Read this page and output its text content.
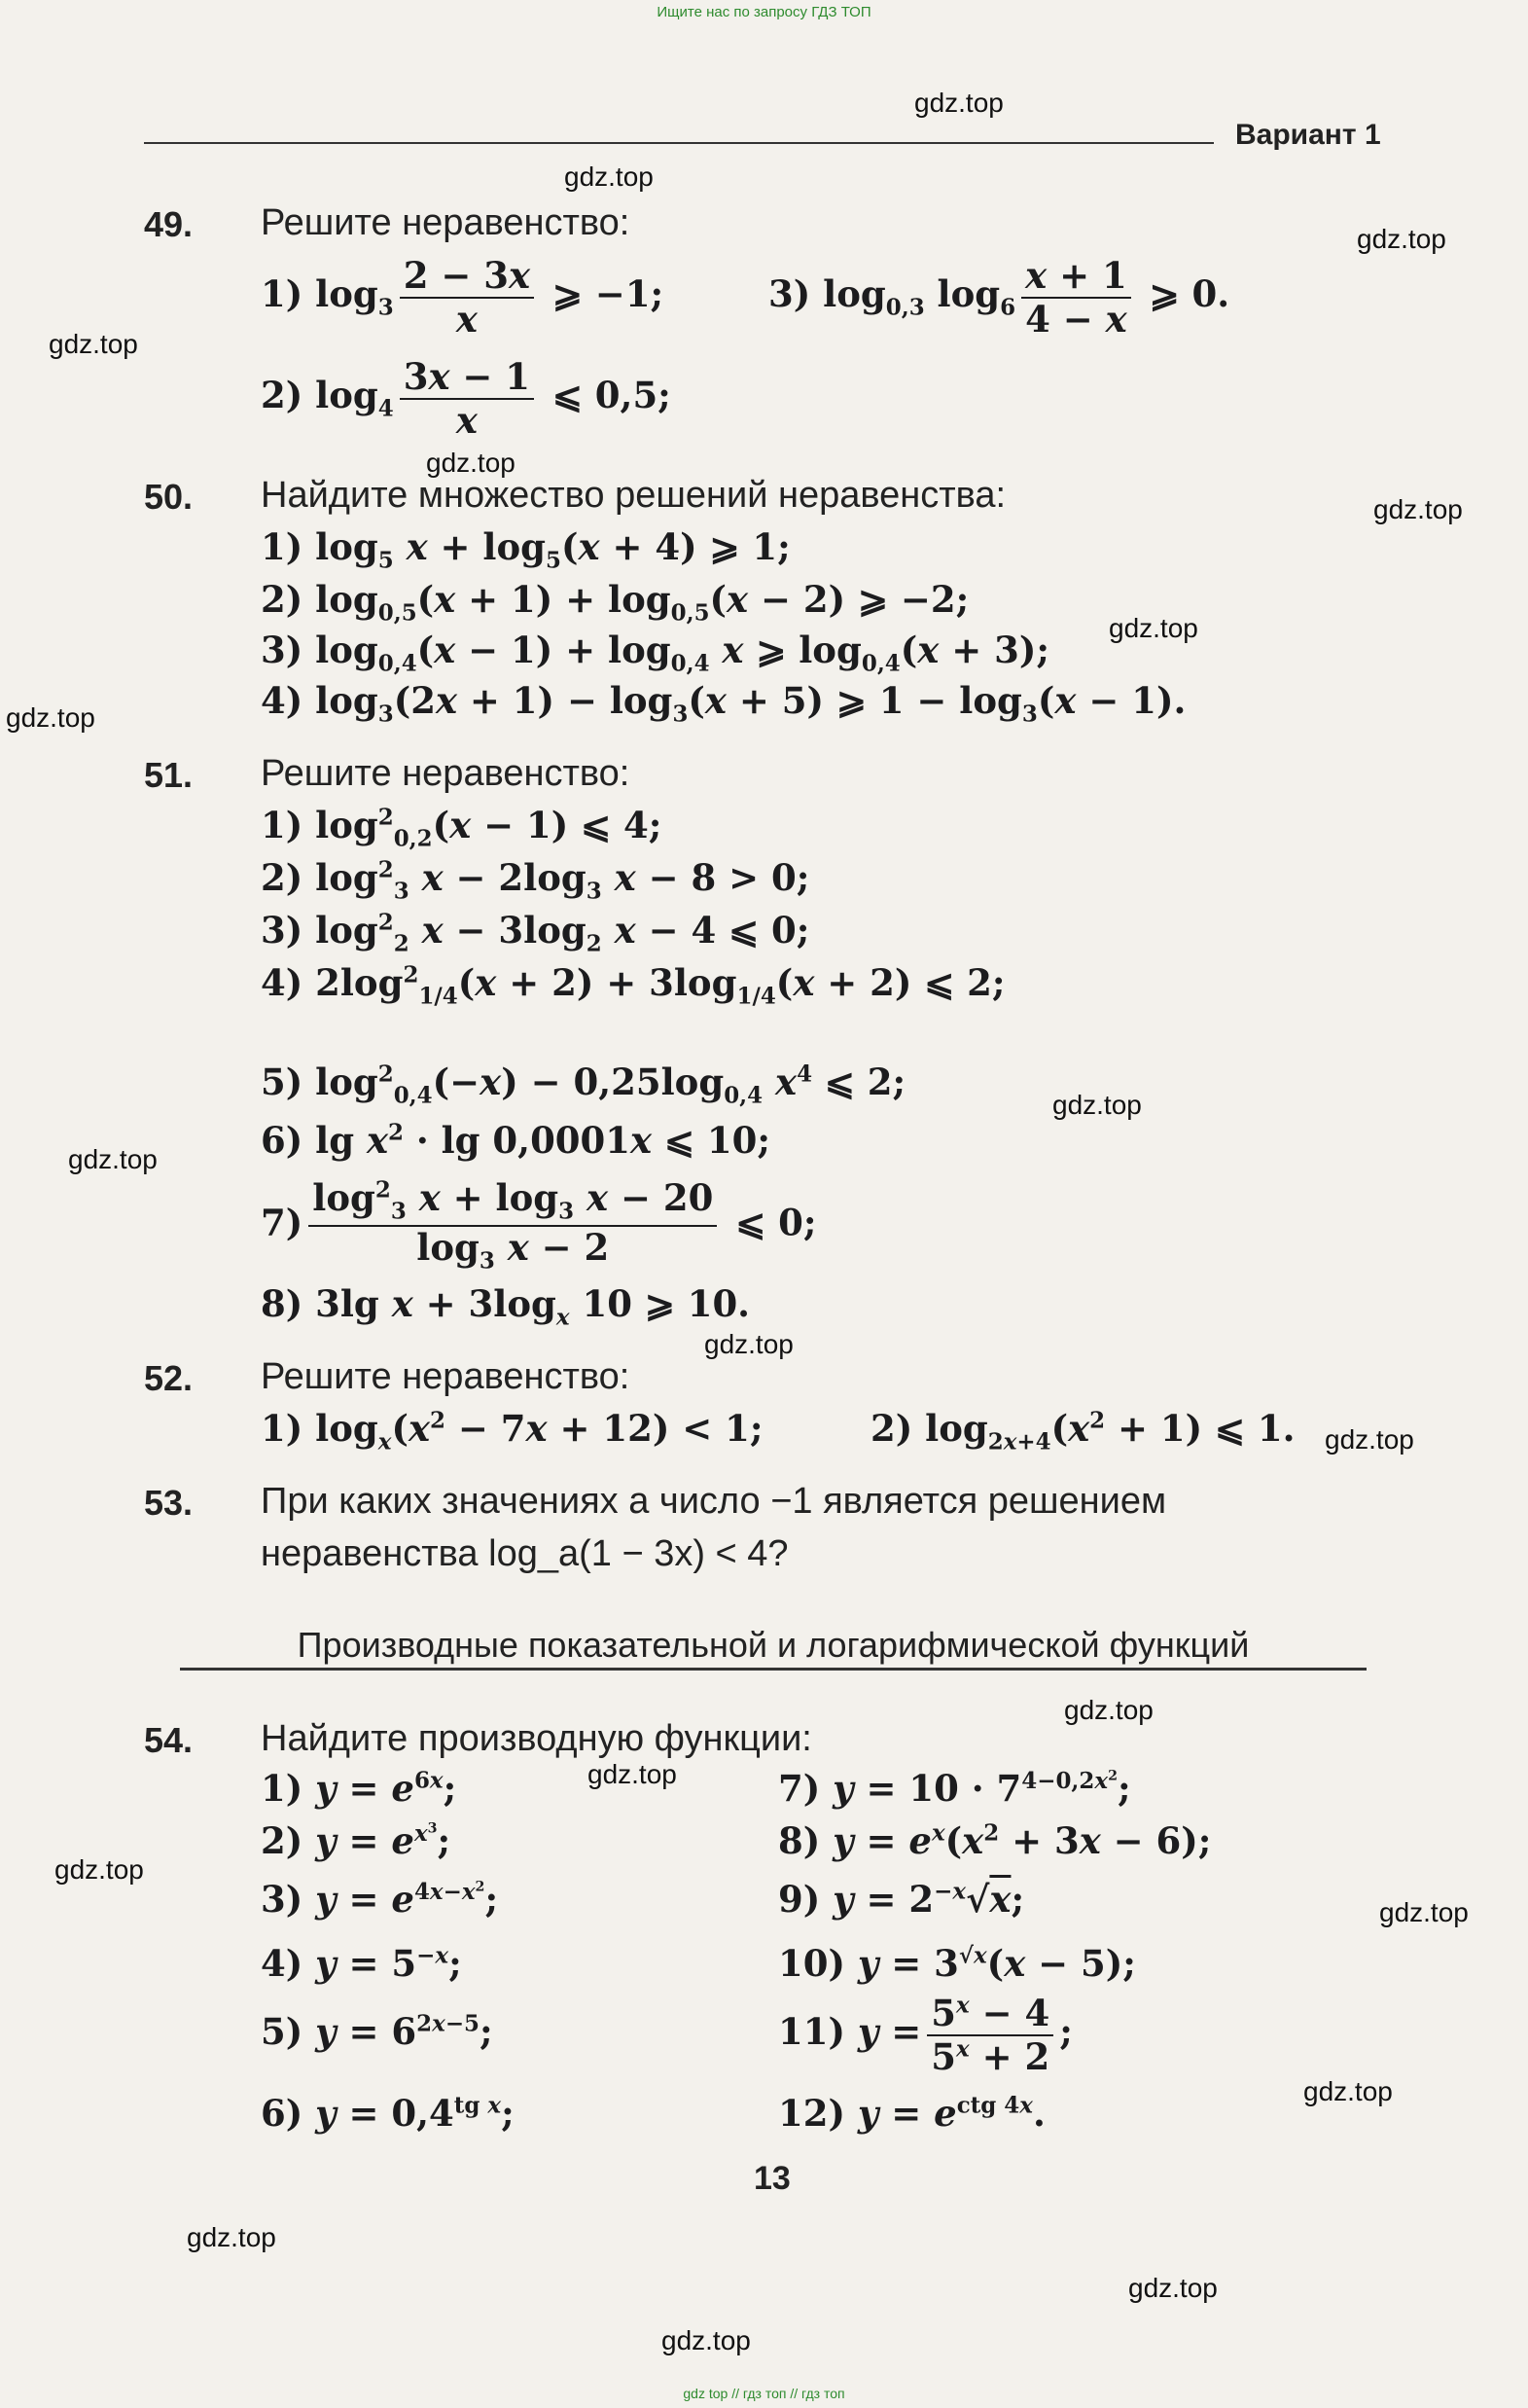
Ищите нас по запросу ГДЗ ТОП
Вариант 1
gdz.top
gdz.top
gdz.top
gdz.top
gdz.top
gdz.top
gdz.top
gdz.top
gdz.top
gdz.top
gdz.top
gdz.top
gdz.top
gdz.top
gdz.top
gdz.top
gdz.top
gdz.top
gdz.top
gdz.top
49. Решите неравенство:
1) $\log_3 \frac{2 - 3x}{x}$ ⩾ −1;	3) $\log_{0,3} \log_6 \frac{x + 1}{4 - x}$ ⩾ 0.
2) $\log_4 \frac{3x - 1}{x}$ ⩽ 0,5;
50. Найдите множество решений неравенства:
1) $\log_5 x + \log_5(x + 4)$ ⩾ 1;
2) $\log_{0,5}(x + 1) + \log_{0,5}(x - 2)$ ⩾ −2;
3) $\log_{0,4}(x - 1) + \log_{0,4} x$ ⩾ $\log_{0,4}(x + 3)$;
4) $\log_3(2x + 1) - \log_3(x + 5)$ ⩾ $1 - \log_3(x - 1)$.
51. Решите неравенство:
1) $\log^2_{0,2}(x - 1)$ ⩽ 4;
2) $\log^2_3 x - 2\log_3$ x − 8 > 0;
3) $\log^2_2 x - 3\log_2$ x − 4 ⩽ 0;
4) $2\log^2_{1/4}(x + 2) + 3\log_{1/4}(x + 2)$ ⩽ 2;
5) $\log^2_{0,4}(-x) - 0,25\log_{0,4}$ $x^4$ ⩽ 2;
6) $\lg x^2 \cdot \lg 0,0001x$ ⩽ 10;
$7) \frac{\log^2_3 x + \log_3 x - 20}{\log_3 x - 2}$ ⩽ 0;
8) 3lg $x + 3\log_x$ 10 ⩾ 10.
52. Решите неравенство:
1) $\log_x(x^2 - 7x + 12) < 1$;	2) $\log_{2x+4}(x^2 + 1)$ ⩽ 1.
53. При каких значениях a число −1 является решением
неравенства log_a(1 − 3x) < 4?
Производные показательной и логарифмической функций
54. Найдите производную функции:
1) $y = e^{6x}$;
2) $y = e^{x^3}$;
3) $y = e^{4x-x^2}$;
4) $y = 5^{-x}$;
5) $y = 6^{2x-5}$;
6) $y = 0,4^{tg x}$;
7) $y = 10 \cdot 7^{4-0,2x^2}$;
8) $y = e^x(x^2 + 3x - 6)$;
9) $y = 2^{-x}√x$;
10) $y = 3^{√x}(x - 5)$;
11) $y = \frac{5^x - 4}{5^x + 2}$ ;
12) $y = e^{ctg 4x}$.
13
gdz top // гдз топ // гдз топ
